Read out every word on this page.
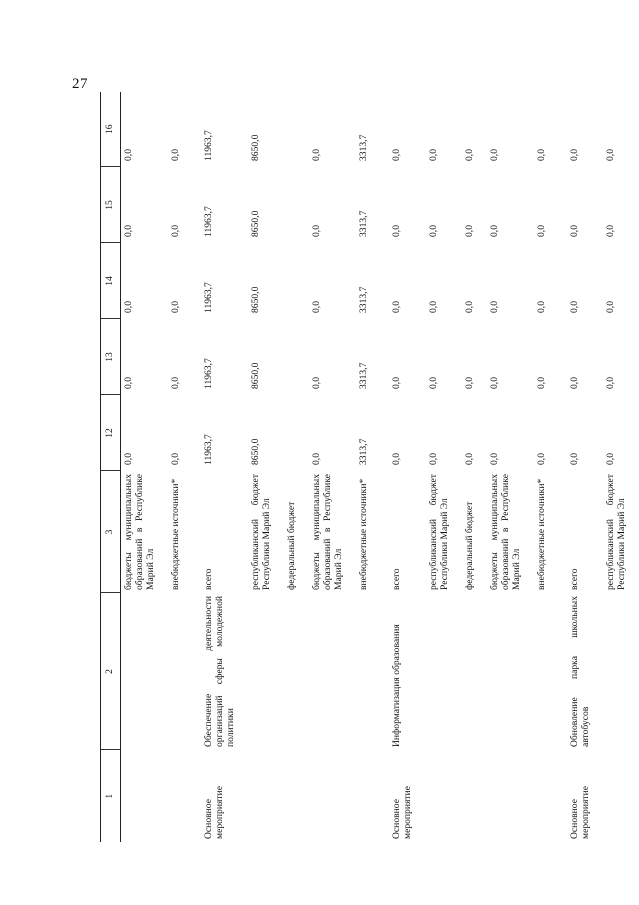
27
1	2	3	12	13	14	15	16
		бюджеты муниципальных образований в Республике Марий Эл	0,0	0,0	0,0	0,0	0,0
		внебюджетные источники*	0,0	0,0	0,0	0,0	0,0
Основное мероприятие	Обеспечение деятельности организаций сферы молодежной политики	всего	11963,7	11963,7	11963,7	11963,7	11963,7
		республиканский бюджет Республики Марий Эл	8650,0	8650,0	8650,0	8650,0	8650,0
		федеральный бюджет					
		бюджеты муниципальных образований в Республике Марий Эл	0,0	0,0	0,0	0,0	0,0
		внебюджетные источники*	3313,7	3313,7	3313,7	3313,7	3313,7
Основное мероприятие	Информатизация образования	всего	0,0	0,0	0,0	0,0	0,0
		республиканский бюджет Республики Марий Эл	0,0	0,0	0,0	0,0	0,0
		федеральный бюджет	0,0	0,0	0,0	0,0	0,0
		бюджеты муниципальных образований в Республике Марий Эл	0,0	0,0	0,0	0,0	0,0
		внебюджетные источники*	0,0	0,0	0,0	0,0	0,0
Основное мероприятие	Обновление парка школьных автобусов	всего	0,0	0,0	0,0	0,0	0,0
		республиканский бюджет Республики Марий Эл	0,0	0,0	0,0	0,0	0,0
